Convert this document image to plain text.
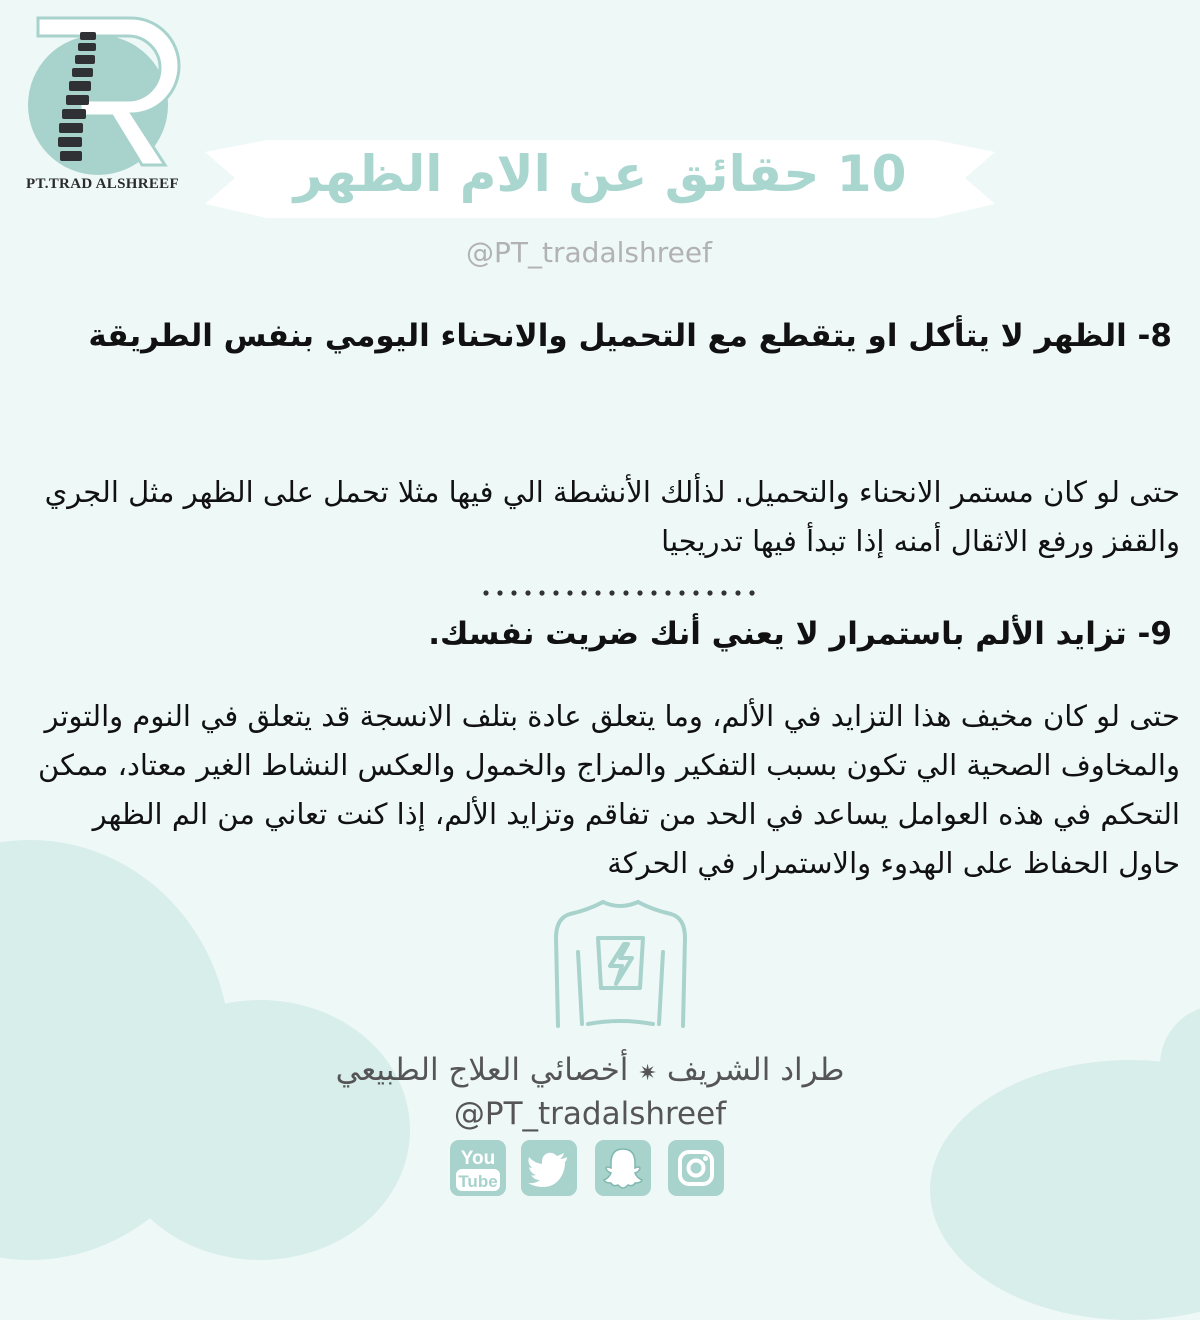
PT.TRAD ALSHREEF	10 حقائق عن الام الظهر
@PT_tradalshreef
8- الظهر لا يتأكل او يتقطع مع التحميل والانحناء اليومي بنفس الطريقة
حتى لو كان مستمر الانحناء والتحميل. لذألك الأنشطة الي فيها مثلا تحمل على الظهر مثل الجري والقفز ورفع الاثقال أمنه إذا تبدأ فيها تدريجيا
9- تزايد الألم باستمرار لا يعني أنك ضريت نفسك.
حتى لو كان مخيف هذا التزايد في الألم، وما يتعلق عادة بتلف الانسجة قد يتعلق في النوم والتوتر والمخاوف الصحية الي تكون بسبب التفكير والمزاج والخمول والعكس النشاط الغير معتاد، ممكن التحكم في هذه العوامل يساعد في الحد من تفاقم وتزايد الألم، إذا كنت تعاني من الم الظهر حاول الحفاظ على الهدوء والاستمرار في الحركة
طراد الشريف✷أخصائي العلاج الطبيعي
@PT_tradalshreef
You
Tube
